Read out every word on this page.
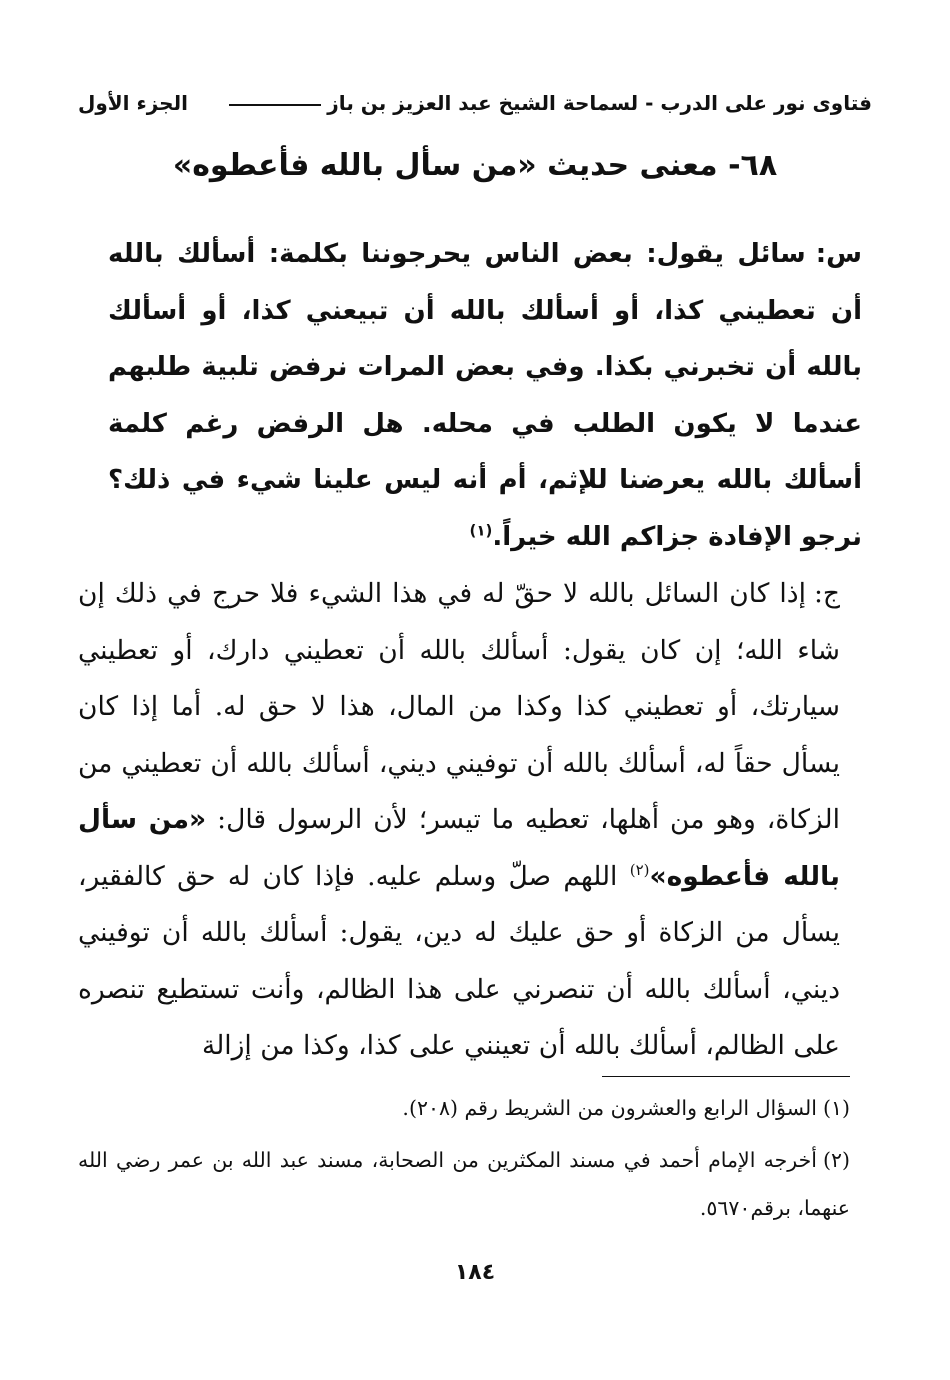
فتاوى نور على الدرب - لسماحة الشيخ عبد العزيز بن باز
الجزء الأول
٦٨- معنى حديث «من سأل بالله فأعطوه»
س:سائل يقول: بعض الناس يحرجوننا بكلمة: أسألك بالله أن تعطيني كذا، أو أسألك بالله أن تبيعني كذا، أو أسألك بالله أن تخبرني بكذا. وفي بعض المرات نرفض تلبية طلبهم عندما لا يكون الطلب في محله. هل الرفض رغم كلمة أسألك بالله يعرضنا للإثم، أم أنه ليس علينا شيء في ذلك؟ نرجو الإفادة جزاكم الله خيراً.$^{(١)}$
ج:إذا كان السائل بالله لا حقّ له في هذا الشيء فلا حرج في ذلك إن شاء الله؛ إن كان يقول: أسألك بالله أن تعطيني دارك، أو تعطيني سيارتك، أو تعطيني كذا وكذا من المال، هذا لا حق له. أما إذا كان يسأل حقاً له، أسألك بالله أن توفيني ديني، أسألك بالله أن تعطيني من الزكاة، وهو من أهلها، تعطيه ما تيسر؛ لأن الرسول قال: «من سأل بالله فأعطوه»$^{(٢)}$ اللهم صلّ وسلم عليه. فإذا كان له حق كالفقير، يسأل من الزكاة أو حق عليك له دين، يقول: أسألك بالله أن توفيني ديني، أسألك بالله أن تنصرني على هذا الظالم، وأنت تستطيع تنصره على الظالم، أسألك بالله أن تعينني على كذا، وكذا من إزالة

(١)السؤال الرابع والعشرون من الشريط رقم (٢٠٨).

(٢)أخرجه الإمام أحمد في مسند المكثرين من الصحابة، مسند عبد الله بن عمر رضي الله عنهما، برقم٥٦٧٠.

١٨٤
